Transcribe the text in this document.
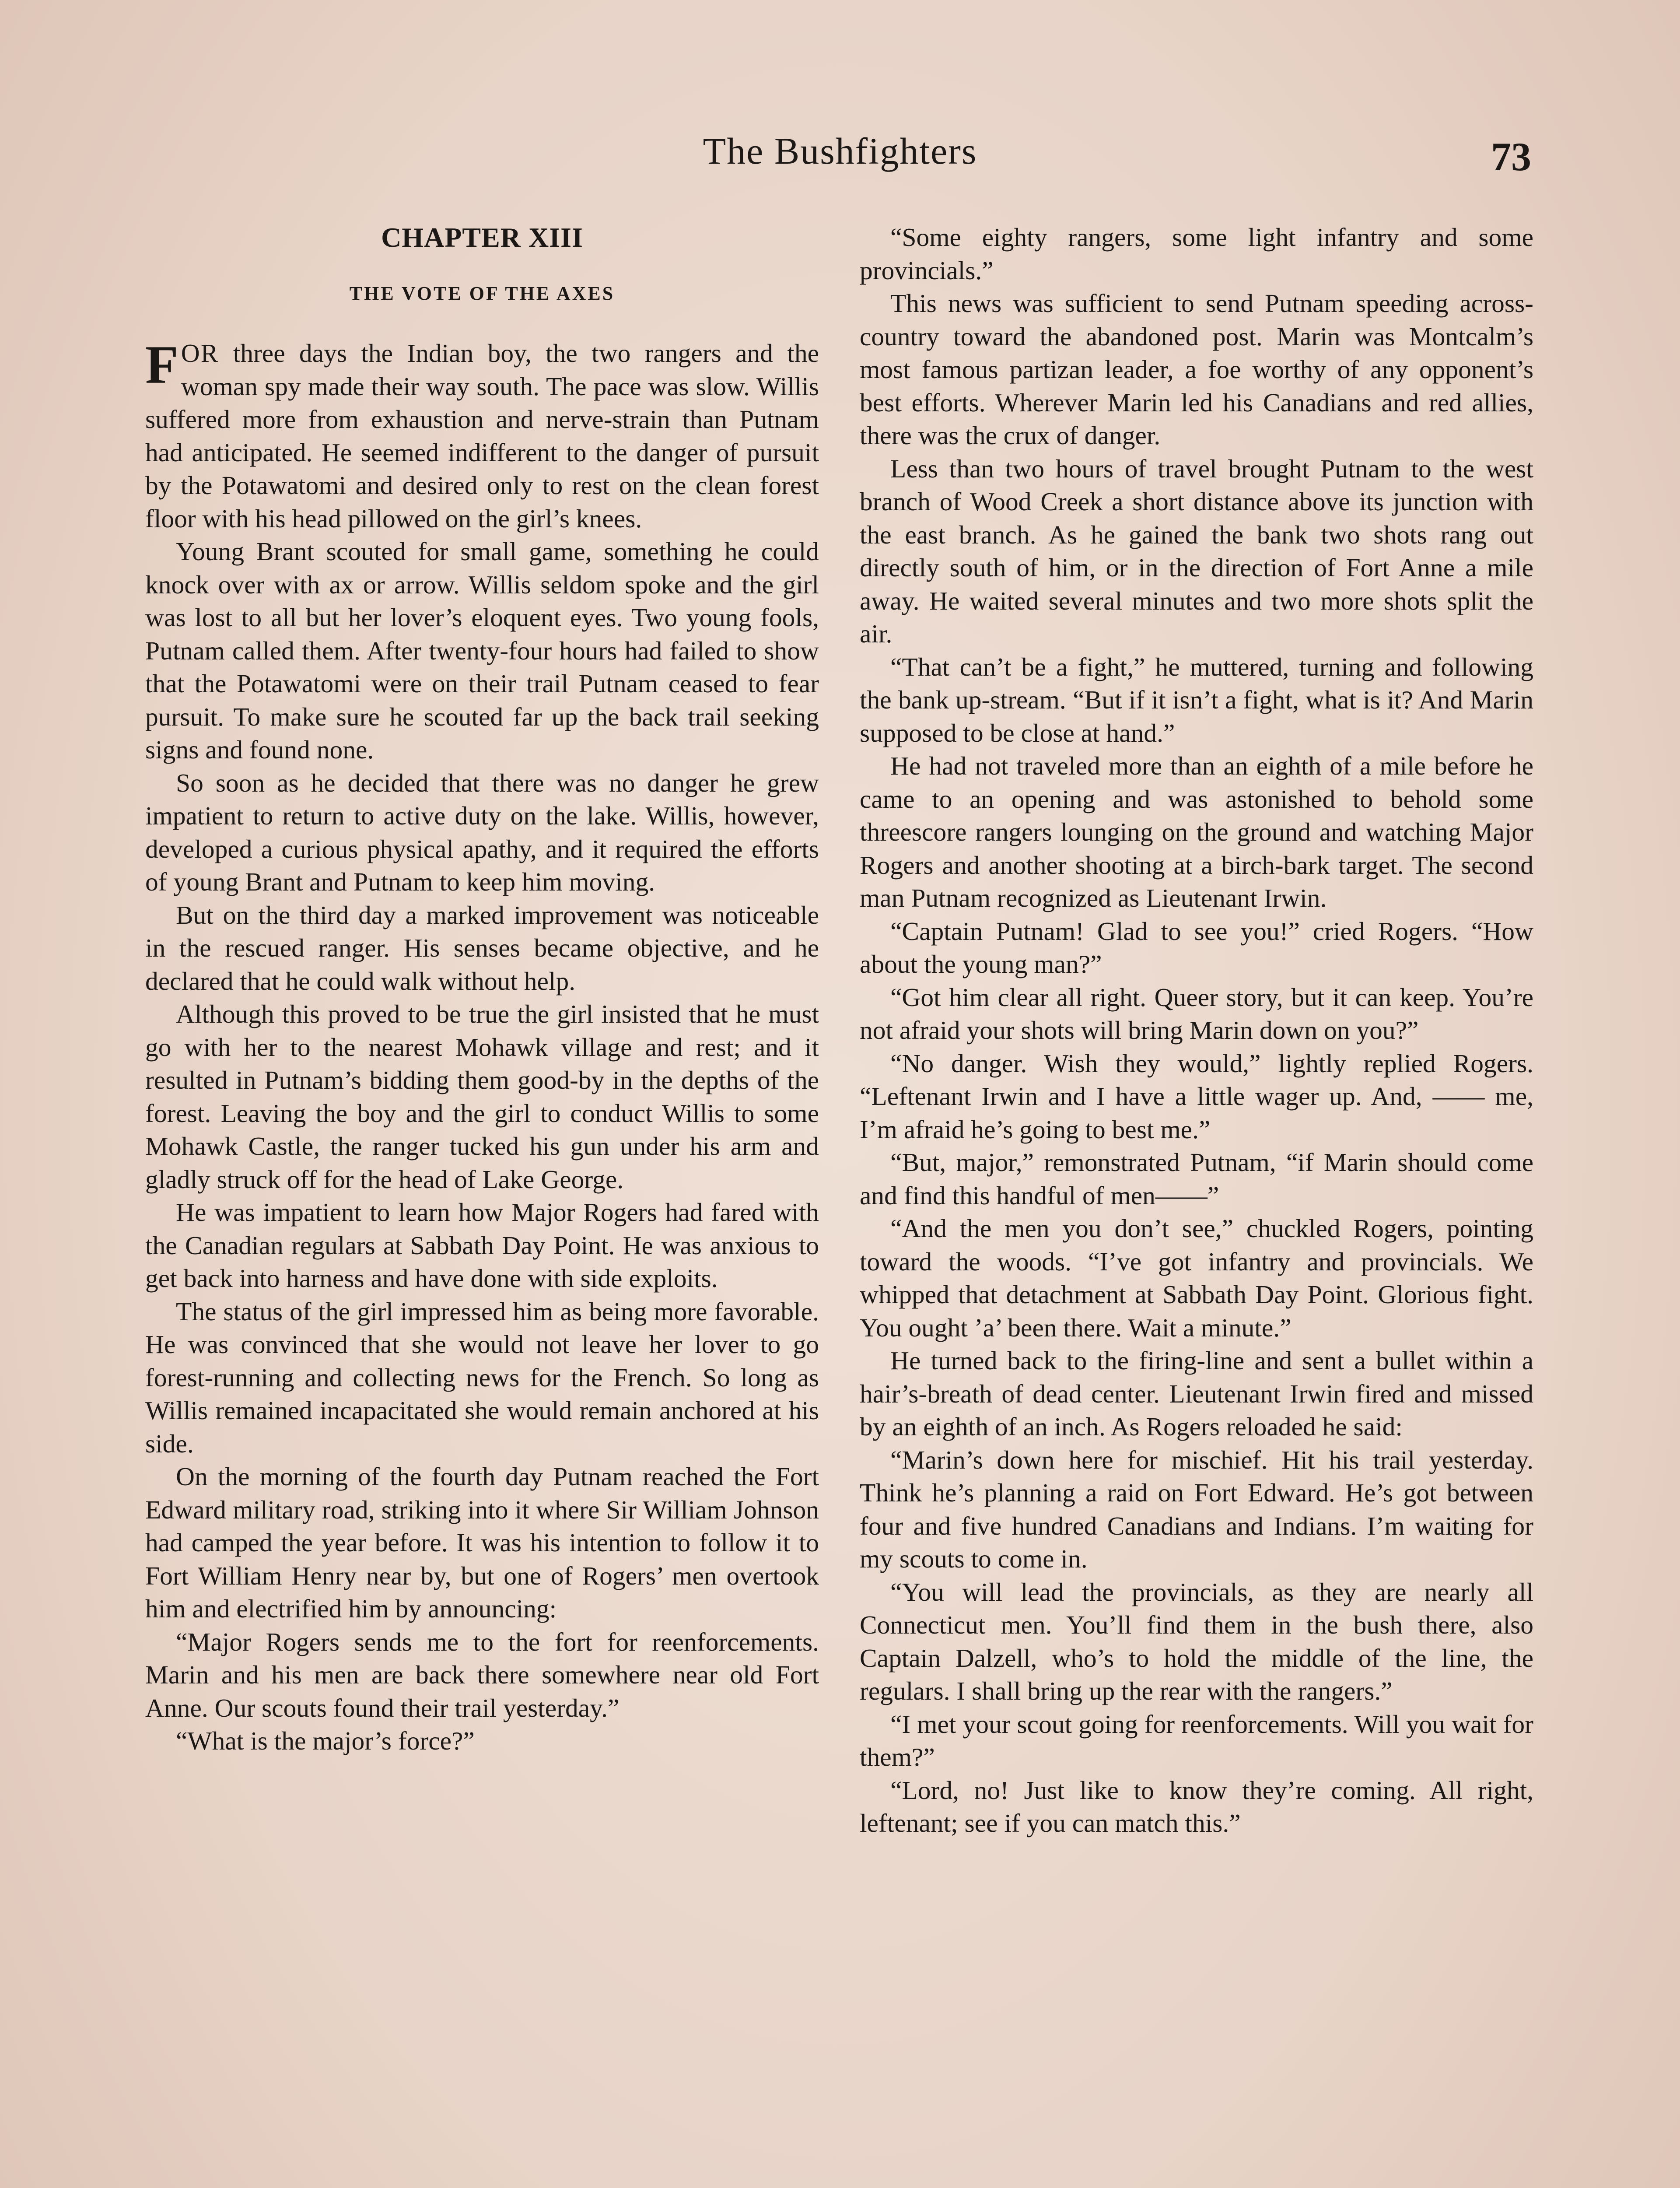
The Bushfighters	73
CHAPTER XIII
THE VOTE OF THE AXES

FOR three days the Indian boy, the two rangers and the woman spy made their way south. The pace was slow. Willis suffered more from exhaustion and nerve-strain than Putnam had anticipated. He seemed indifferent to the danger of pursuit by the Potawatomi and desired only to rest on the clean forest floor with his head pillowed on the girl’s knees.

Young Brant scouted for small game, something he could knock over with ax or arrow. Willis seldom spoke and the girl was lost to all but her lover’s eloquent eyes. Two young fools, Putnam called them. After twenty-four hours had failed to show that the Potawatomi were on their trail Putnam ceased to fear pursuit. To make sure he scouted far up the back trail seeking signs and found none.

So soon as he decided that there was no danger he grew impatient to return to active duty on the lake. Willis, however, developed a curious physical apathy, and it required the efforts of young Brant and Putnam to keep him moving.

But on the third day a marked improvement was noticeable in the rescued ranger. His senses became objective, and he declared that he could walk without help.

Although this proved to be true the girl insisted that he must go with her to the nearest Mohawk village and rest; and it resulted in Putnam’s bidding them good-by in the depths of the forest. Leaving the boy and the girl to conduct Willis to some Mohawk Castle, the ranger tucked his gun under his arm and gladly struck off for the head of Lake George.

He was impatient to learn how Major Rogers had fared with the Canadian regulars at Sabbath Day Point. He was anxious to get back into harness and have done with side exploits.

The status of the girl impressed him as being more favorable. He was convinced that she would not leave her lover to go forest-running and collecting news for the French. So long as Willis remained incapacitated she would remain anchored at his side.

On the morning of the fourth day Putnam reached the Fort Edward military road, striking into it where Sir William Johnson had camped the year before. It was his intention to follow it to Fort William Henry near by, but one of Rogers’ men overtook him and electrified him by announcing:

“Major Rogers sends me to the fort for reenforcements. Marin and his men are back there somewhere near old Fort Anne. Our scouts found their trail yesterday.”

“What is the major’s force?”

“Some eighty rangers, some light infantry and some provincials.”

This news was sufficient to send Putnam speeding across-country toward the abandoned post. Marin was Montcalm’s most famous partizan leader, a foe worthy of any opponent’s best efforts. Wherever Marin led his Canadians and red allies, there was the crux of danger.

Less than two hours of travel brought Putnam to the west branch of Wood Creek a short distance above its junction with the east branch. As he gained the bank two shots rang out directly south of him, or in the direction of Fort Anne a mile away. He waited several minutes and two more shots split the air.

“That can’t be a fight,” he muttered, turning and following the bank up-stream. “But if it isn’t a fight, what is it? And Marin supposed to be close at hand.”

He had not traveled more than an eighth of a mile before he came to an opening and was astonished to behold some threescore rangers lounging on the ground and watching Major Rogers and another shooting at a birch-bark target. The second man Putnam recognized as Lieutenant Irwin.

“Captain Putnam! Glad to see you!” cried Rogers. “How about the young man?”

“Got him clear all right. Queer story, but it can keep. You’re not afraid your shots will bring Marin down on you?”

“No danger. Wish they would,” lightly replied Rogers. “Leftenant Irwin and I have a little wager up. And, —— me, I’m afraid he’s going to best me.”

“But, major,” remonstrated Putnam, “if Marin should come and find this handful of men——”

“And the men you don’t see,” chuckled Rogers, pointing toward the woods. “I’ve got infantry and provincials. We whipped that detachment at Sabbath Day Point. Glorious fight. You ought ’a’ been there. Wait a minute.”

He turned back to the firing-line and sent a bullet within a hair’s-breath of dead center. Lieutenant Irwin fired and missed by an eighth of an inch. As Rogers reloaded he said:

“Marin’s down here for mischief. Hit his trail yesterday. Think he’s planning a raid on Fort Edward. He’s got between four and five hundred Canadians and Indians. I’m waiting for my scouts to come in.

“You will lead the provincials, as they are nearly all Connecticut men. You’ll find them in the bush there, also Captain Dalzell, who’s to hold the middle of the line, the regulars. I shall bring up the rear with the rangers.”

“I met your scout going for reenforcements. Will you wait for them?”

“Lord, no! Just like to know they’re coming. All right, leftenant; see if you can match this.”
